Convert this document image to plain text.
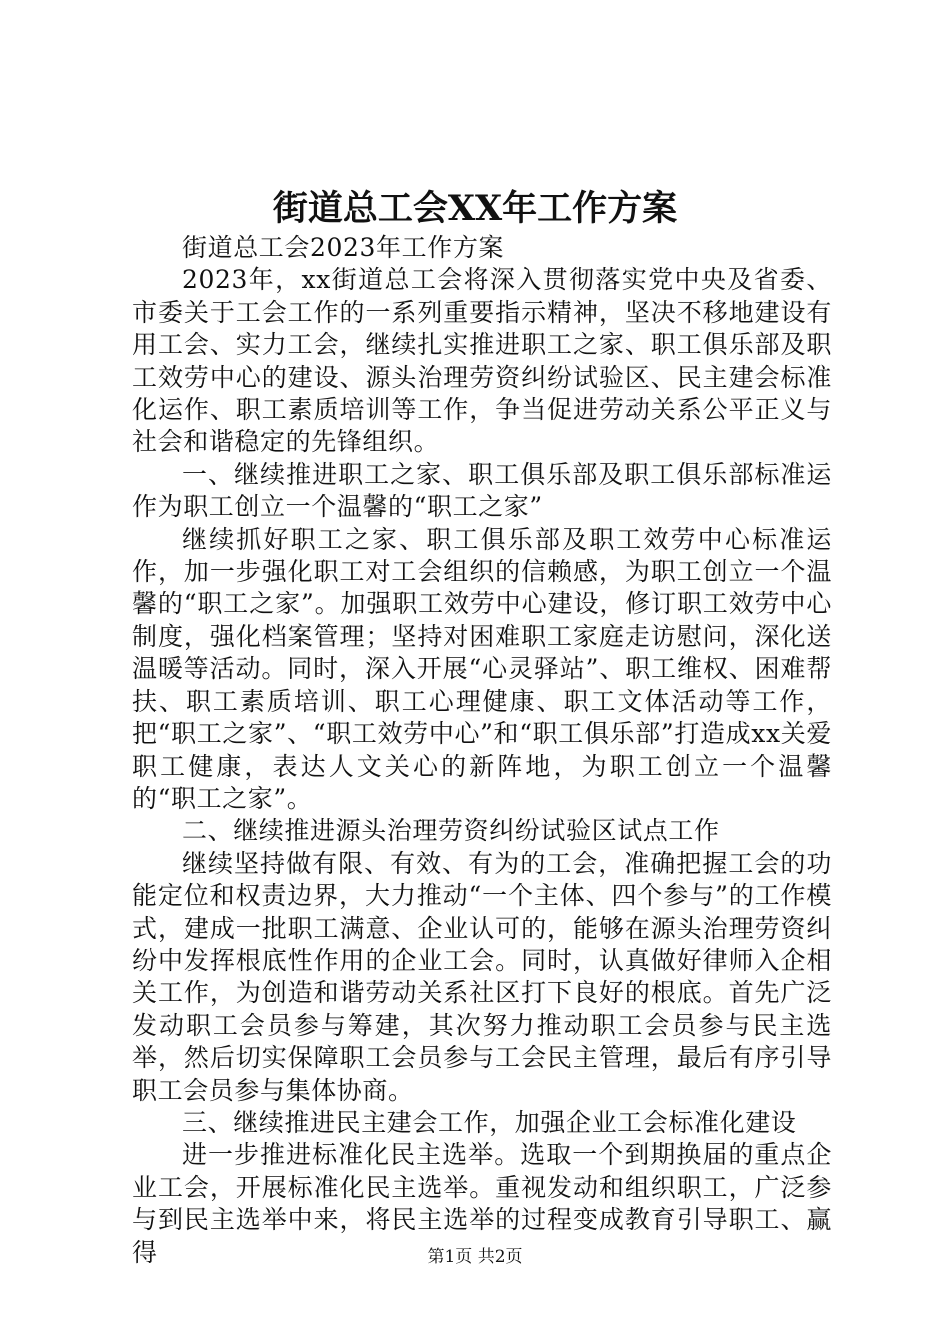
街道总工会XX年工作方案

街道总工会2023年工作方案

2023年，xx街道总工会将深入贯彻落实党中央及省委、市委关于工会工作的一系列重要指示精神，坚决不移地建设有用工会、实力工会，继续扎实推进职工之家、职工俱乐部及职工效劳中心的建设、源头治理劳资纠纷试验区、民主建会标准化运作、职工素质培训等工作，争当促进劳动关系公平正义与社会和谐稳定的先锋组织。

一、继续推进职工之家、职工俱乐部及职工俱乐部标准运作为职工创立一个温馨的“职工之家”

继续抓好职工之家、职工俱乐部及职工效劳中心标准运作，加一步强化职工对工会组织的信赖感，为职工创立一个温馨的“职工之家”。加强职工效劳中心建设，修订职工效劳中心制度，强化档案管理；坚持对困难职工家庭走访慰问，深化送温暖等活动。同时，深入开展“心灵驿站”、职工维权、困难帮扶、职工素质培训、职工心理健康、职工文体活动等工作，把“职工之家”、“职工效劳中心”和“职工俱乐部”打造成xx关爱职工健康，表达人文关心的新阵地，为职工创立一个温馨的“职工之家”。

二、继续推进源头治理劳资纠纷试验区试点工作

继续坚持做有限、有效、有为的工会，准确把握工会的功能定位和权责边界，大力推动“一个主体、四个参与”的工作模式，建成一批职工满意、企业认可的，能够在源头治理劳资纠纷中发挥根底性作用的企业工会。同时，认真做好律师入企相关工作，为创造和谐劳动关系社区打下良好的根底。首先广泛发动职工会员参与筹建，其次努力推动职工会员参与民主选举，然后切实保障职工会员参与工会民主管理，最后有序引导职工会员参与集体协商。

三、继续推进民主建会工作，加强企业工会标准化建设

进一步推进标准化民主选举。选取一个到期换届的重点企业工会，开展标准化民主选举。重视发动和组织职工，广泛参与到民主选举中来，将民主选举的过程变成教育引导职工、赢得	第1页 共2页
